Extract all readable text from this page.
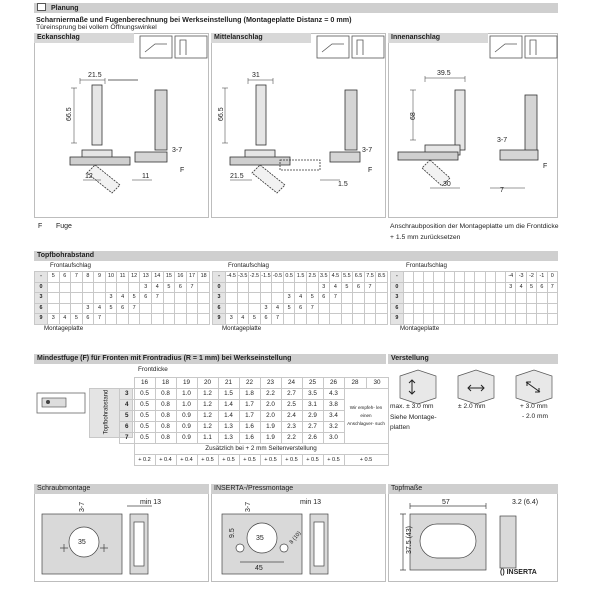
Planung
Scharniermaße und Fugenberechnung bei Werkseinstellung (Montageplatte Distanz = 0 mm)
Türeinsprung bei vollem Öffnungswinkel
Eckanschlag	Mittelanschlag	Innenanschlag
21.5
66.5
3-7
F
12	11
31
66.5
3-7
F
21.5
1.5
39.5
68
3-7
F
30
7
F Fuge	Anschraubposition der Montageplatte um die Frontdicke + 1.5 mm zurücksetzen
Topfbohrabstand
Frontaufschlag
-	5	6	7	8	9	10	11	12	13	14	15	16	17	18
0									3	4	5	6	7	
3						3	4	5	6	7				
6				3	4	5	6	7						
9	3	4	5	6	7									
Montageplatte
Frontaufschlag
-	-4.5	-3.5	-2.5	-1.5	-0.5	0.5	1.5	2.5	3.5	4.5	5.5	6.5	7.5	8.5
0									3	4	5	6	7	
3						3	4	5	6	7				
6				3	4	5	6	7						
9	3	4	5	6	7									
Montageplatte
Frontaufschlag
-											-4	-3	-2	-1	0
0											3	4	5	6	7
3															
6															
9															
Montageplatte
Mindestfuge (F) für Fronten mit Frontradius (R = 1 mm) bei Werkseinstellung
Frontdicke
Topfbohrabstand
	16	18	19	20	21	22	23	24	25	26	28	30
3	0.5	0.8	1.0	1.2	1.5	1.8	2.2	2.7	3.5	4.3	Wir empfeh- len einen Anschlagver- such	
4	0.5	0.8	1.0	1.2	1.4	1.7	2.0	2.5	3.1	3.8		
5	0.5	0.8	0.9	1.2	1.4	1.7	2.0	2.4	2.9	3.4		
6	0.5	0.8	0.9	1.2	1.3	1.6	1.9	2.3	2.7	3.2		
7	0.5	0.8	0.9	1.1	1.3	1.6	1.9	2.2	2.6	3.0		
	Zusätzlich bei + 2 mm Seitenverstellung											
	+ 0.2	+ 0.4	+ 0.4	+ 0.5	+ 0.5	+ 0.5	+ 0.5	+ 0.5	+ 0.5	+ 0.5	+ 0.5	
Verstellung
max. ± 3.0 mm	± 2.0 mm	+ 3.0 mm
- 2.0 mm
Siehe Montage- platten
Schraubmontage	INSERTA-/Pressmontage	Topfmaße
min 13
35
3-7	min 13
35
3-7
9.5
45
8 (10)
57	3.2 (6.4)
37.5 (43)
() INSERTA
